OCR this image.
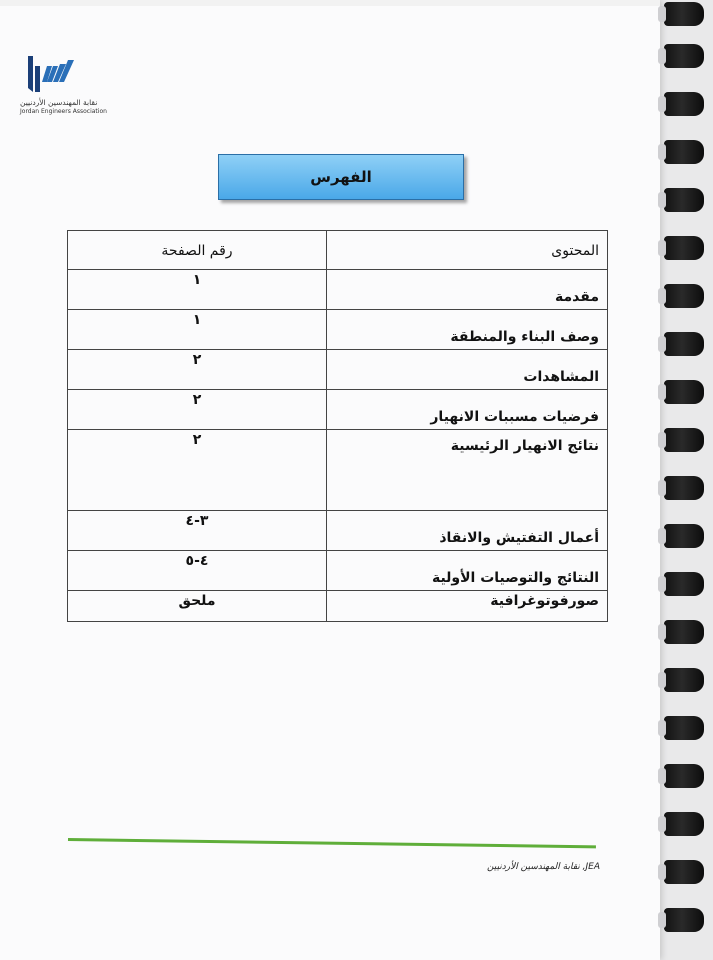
نقابة المهندسين الأردنيين
Jordan Engineers Association
الفهرس
المحتوى	رقم الصفحة
مقدمة	١
وصف البناء والمنطقة	١
المشاهدات	٢
فرضيات مسببات الانهيار	٢
نتائج الانهيار الرئيسية	٢
أعمال التفتيش والانقاذ	٣-٤
النتائج والتوصيات الأولية	٤-٥
صورفوتوغرافية	ملحق
JEA, نقابة المهندسين الأردنيين
